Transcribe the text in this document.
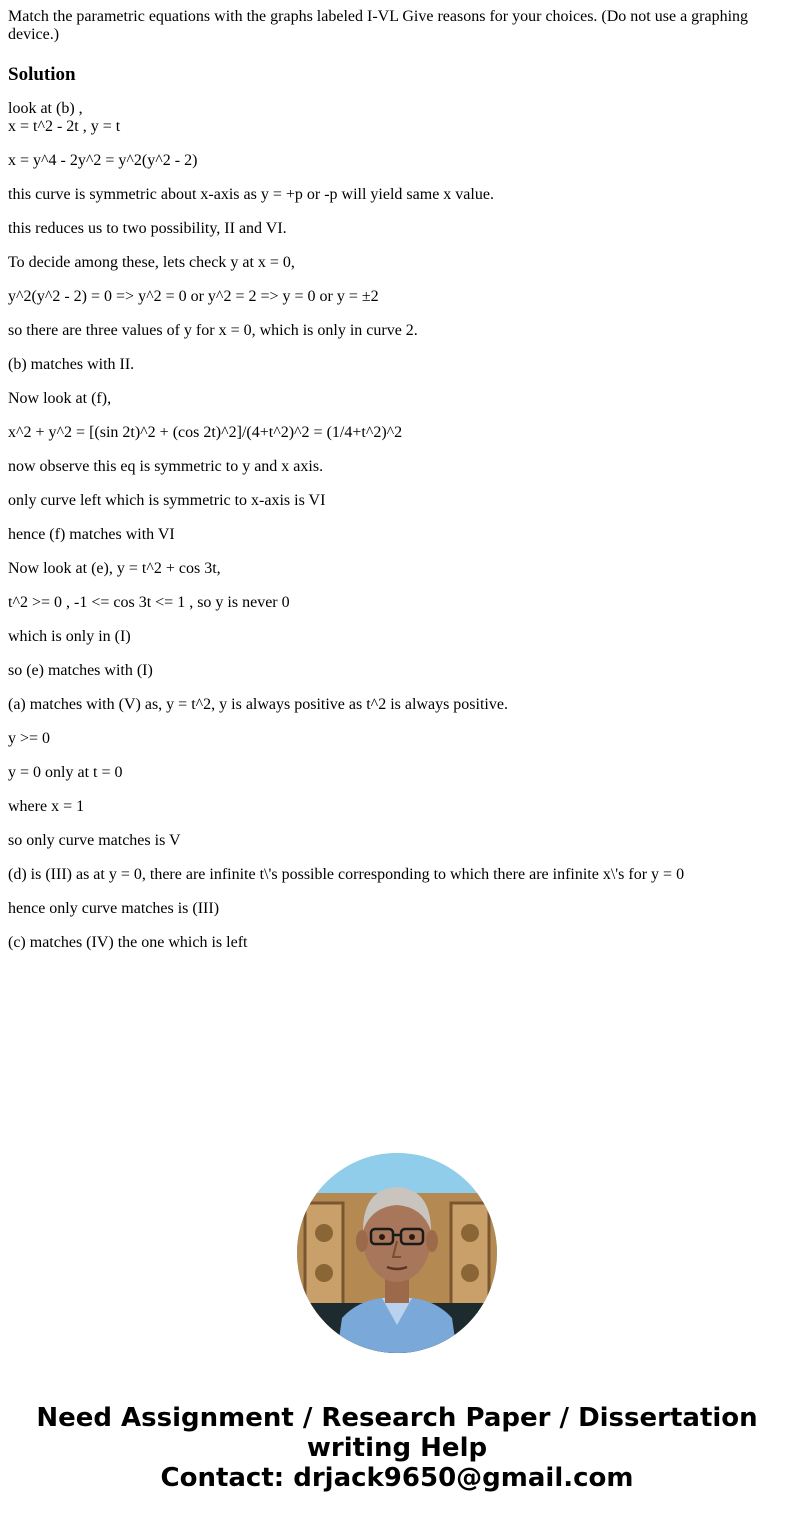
Match the parametric equations with the graphs labeled I-VL Give reasons for your choices. (Do not use a graphing device.)

Solution

look at (b) ,

x = t^2 - 2t , y = t

x = y^4 - 2y^2 = y^2(y^2 - 2)

this curve is symmetric about x-axis as y = +p or -p will yield same x value.

this reduces us to two possibility, II and VI.

To decide among these, lets check y at x = 0,

y^2(y^2 - 2) = 0 => y^2 = 0 or y^2 = 2 => y = 0 or y = ±2

so there are three values of y for x = 0, which is only in curve 2.

(b) matches with II.

Now look at (f),

x^2 + y^2 = [(sin 2t)^2 + (cos 2t)^2]/(4+t^2)^2 = (1/4+t^2)^2

now observe this eq is symmetric to y and x axis.

only curve left which is symmetric to x-axis is VI

hence (f) matches with VI

Now look at (e), y = t^2 + cos 3t,

t^2 >= 0 , -1 <= cos 3t <= 1 , so y is never 0

which is only in (I)

so (e) matches with (I)

(a) matches with (V) as, y = t^2, y is always positive as t^2 is always positive.

y >= 0

y = 0 only at t = 0

where x = 1

so only curve matches is V

(d) is (III) as at y = 0, there are infinite t\'s possible corresponding to which there are infinite x\'s for y = 0

hence only curve matches is (III)

(c) matches (IV) the one which is left

Need Assignment / Research Paper / Dissertation
writing Help
Contact: drjack9650@gmail.com
